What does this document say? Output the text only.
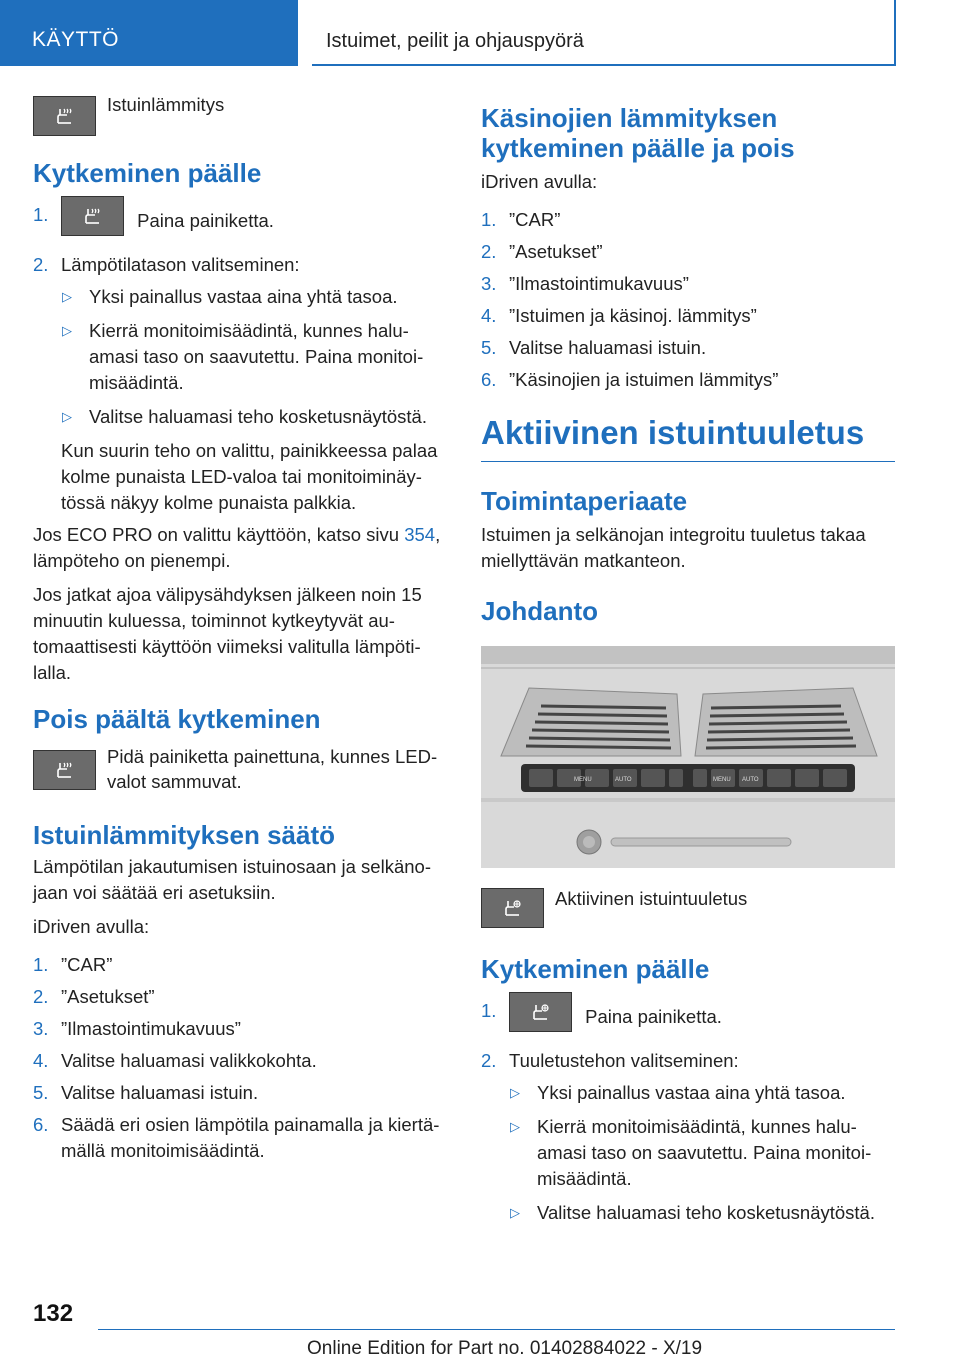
KÄYTTÖ	Istuimet, peilit ja ohjauspyörä
Istuinlämmitys
Kytkeminen päälle
1.	Paina painiketta.
2. Lämpötilatason valitseminen:
▷ Yksi painallus vastaa aina yhtä tasoa.
▷ Kierrä monitoimisäädintä, kunnes haluamasi taso on saavutettu. Paina monitoimisäädintä.
▷ Valitse haluamasi teho kosketusnäytöstä.
Kun suurin teho on valittu, painikkeessa palaa kolme punaista LED-valoa tai monitoiminäytössä näkyy kolme punaista palkkia.

Jos ECO PRO on valittu käyttöön, katso sivu 354, lämpöteho on pienempi.

Jos jatkat ajoa välipysähdyksen jälkeen noin 15 minuutin kuluessa, toiminnot kytkeytyvät automaattisesti käyttöön viimeksi valitulla lämpötilalla.

Pois päältä kytkeminen
Pidä painiketta painettuna, kunnes LED-valot sammuvat.
Istuinlämmityksen säätö

Lämpötilan jakautumisen istuinosaan ja selkänojaan voi säätää eri asetuksiin.

iDriven avulla:

1. ”CAR”
2. ”Asetukset”
3. ”Ilmastointimukavuus”
4. Valitse haluamasi valikkokohta.
5. Valitse haluamasi istuin.
6. Säädä eri osien lämpötila painamalla ja kiertämällä monitoimisäädintä.
Käsinojien lämmityksen kytkeminen päälle ja pois

iDriven avulla:

1. ”CAR”
2. ”Asetukset”
3. ”Ilmastointimukavuus”
4. ”Istuimen ja käsinoj. lämmitys”
5. Valitse haluamasi istuin.
6. ”Käsinojien ja istuimen lämmitys”
Aktiivinen istuintuuletus
Toimintaperiaate

Istuimen ja selkänojan integroitu tuuletus takaa miellyttävän matkanteon.

Johdanto
MENU	AUTO	MENU AUTO
Aktiivinen istuintuuletus
Kytkeminen päälle
1.	Paina painiketta.
2. Tuuletustehon valitseminen:
▷ Yksi painallus vastaa aina yhtä tasoa.
▷ Kierrä monitoimisäädintä, kunnes haluamasi taso on saavutettu. Paina monitoimisäädintä.
▷ Valitse haluamasi teho kosketusnäytöstä.
132
Online Edition for Part no. 01402884022 - X/19
